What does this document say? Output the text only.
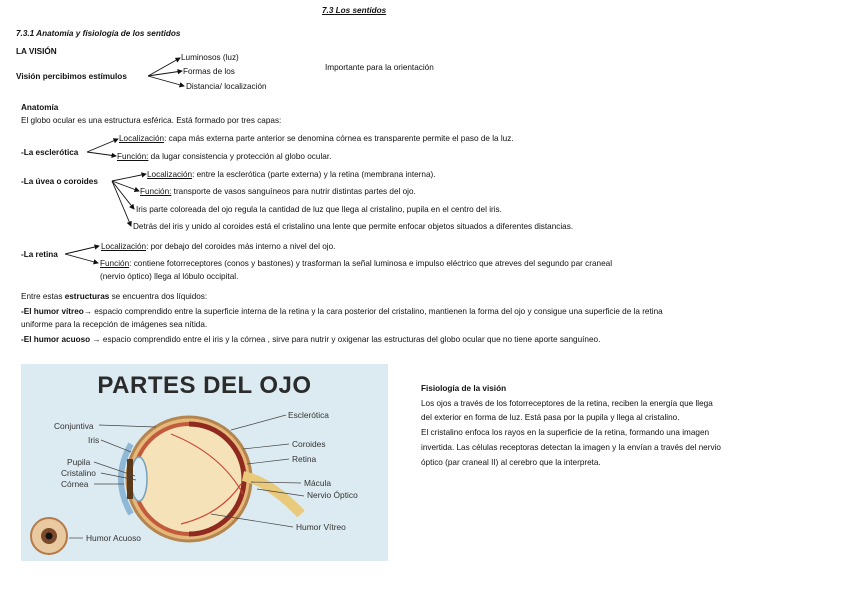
7.3 Los sentidos
7.3.1 Anatomía y fisiología de los sentidos
LA VISIÓN
Visión percibimos estímulos
Luminosos (luz)
Formas de los
Distancia/ localización
Importante para la orientación
Anatomía
El globo ocular es una estructura esférica. Está formado por tres capas:
-La esclerótica
Localización: capa más externa parte anterior se denomina córnea es transparente permite el paso de la luz.
Función: da lugar consistencia y protección al globo ocular.
-La úvea o coroides
Localización: entre la esclerótica (parte externa) y la retina (membrana interna).
Función: transporte de vasos sanguíneos para nutrir distintas partes del ojo.
Iris parte coloreada del ojo regula la cantidad de luz que llega al cristalino, pupila en el centro del iris.
Detrás del iris y unido al coroides está el cristalino una lente que permite enfocar objetos situados a diferentes distancias.
-La retina
Localización: por debajo del coroides más interno a nivel del ojo.
Función: contiene fotorreceptores (conos y bastones) y trasforman la señal luminosa e impulso eléctrico que atreves del segundo par craneal
(nervio óptico) llega al lóbulo occipital.
Entre estas estructuras se encuentra dos líquidos:
-El humor vítreo→ espacio comprendido entre la superficie interna de la retina y la cara posterior del cristalino, mantienen la forma del ojo y consigue una superficie de la retina
uniforme para la recepción de imágenes sea nítida.
-El humor acuoso → espacio comprendido entre el iris y la córnea , sirve para nutrir y oxigenar las estructuras del globo ocular que no tiene aporte sanguíneo.
PARTES DEL OJO
Conjuntiva
Iris
Pupila
Cristalino
Córnea
Humor Acuoso
Esclerótica
Coroides
Retina
Mácula
Nervio Óptico
Humor Vítreo
Fisiología de la visión
Los ojos a través de los fotorreceptores de la retina, reciben la energía que llega
del exterior en forma de luz. Está pasa por la pupila y llega al cristalino.
El cristalino enfoca los rayos en la superficie de la retina, formando una imagen
invertida. Las células receptoras detectan la imagen y la envían a través del nervio
óptico (par craneal II) al cerebro que la interpreta.
